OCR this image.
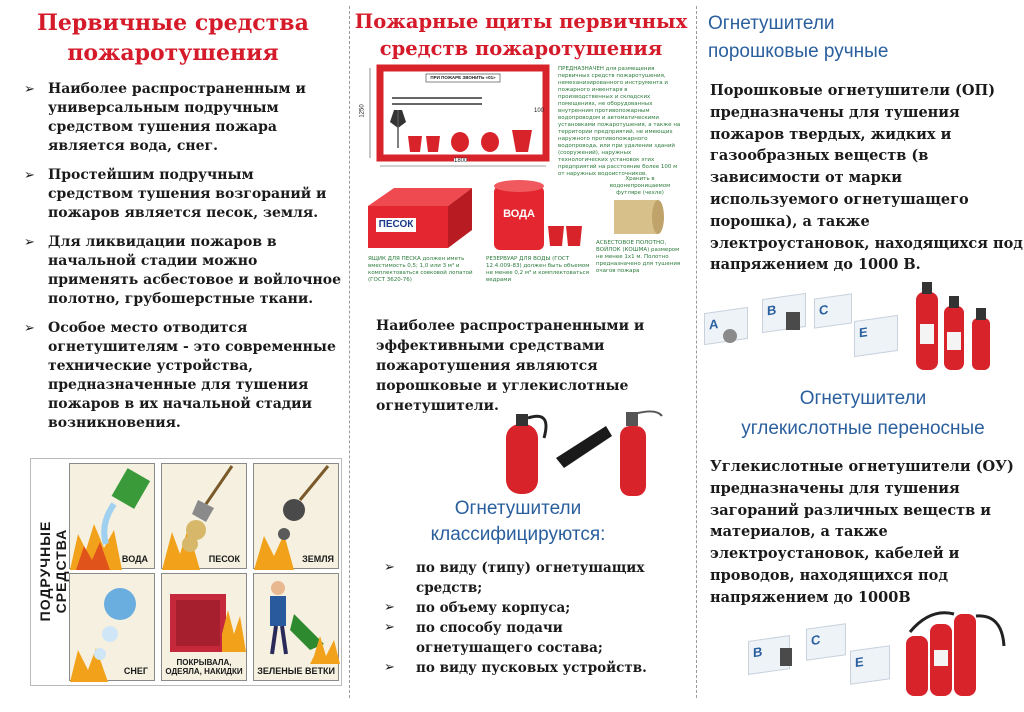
Первичные средства
пожаротушения
➢ Наиболее распространенным и
универсальным подручным
средством тушения пожара
является вода, снег.
➢ Простейшим подручным
средством тушения возгораний и
пожаров является песок, земля.
➢ Для ликвидации пожаров в
начальной стадии можно
применять асбестовое и войлочное
полотно, грубошерстные ткани.
➢ Особое место отводится
огнетушителям - это современные
технические устройства,
предназначенные для тушения
пожаров в их начальной стадии
возникновения.
ПОДРУЧНЫЕ СРЕДСТВА	ВОДА	ПЕСОК	ЗЕМЛЯ
СНЕГ
ПОКРЫВАЛА, ОДЕЯЛА, НАКИДКИ ЗЕЛЕНЫЕ ВЕТКИ
Пожарные щиты первичных
средств пожаротушения
ПРИ ПОЖАРЕ ЗВОНИТЬ «01»
1800
1250	100
ПРЕДНАЗНАЧЕН для размещения первичных средств пожаротушения, немеханизированного инструмента и пожарного инвентаря в производственных и складских помещениях, не оборудованных внутренним противопожарным водопроводом и автоматическими установками пожаротушения, а также на территории предприятий, не имеющих наружного противопожарного водопровода, или при удалении зданий (сооружений), наружных технологических установок этих предприятий на расстояние более 100 м от наружных водоисточников.
ПЕСОК
ЯЩИК ДЛЯ ПЕСКА должен иметь вместимость 0,5; 1,0 или 3 м³ и комплектоваться совковой лопатой (ГОСТ 3620-76)
ВОДА
РЕЗЕРВУАР ДЛЯ ВОДЫ (ГОСТ 12.4.009-83) должен быть объемом не менее 0,2 м³ и комплектоваться ведрами
Хранить в водонепроницаемом футляре (чехле)
АСБЕСТОВОЕ ПОЛОТНО, ВОЙЛОК (КОШМА) размером не менее 1х1 м. Полотно предназначено для тушения очагов пожара
Наиболее распространенными и
эффективными средствами
пожаротушения являются
порошковые и углекислотные
огнетушители.
Огнетушители
классифицируются:
➢ по виду (типу) огнетушащих
средств;
➢ по объему корпуса;
➢ по способу подачи
огнетушащего состава;
➢ по виду пусковых устройств.
Огнетушители
порошковые ручные
Порошковые огнетушители (ОП)
предназначены для тушения
пожаров твердых, жидких и
газообразных веществ (в
зависимости от марки
используемого огнетушащего
порошка), а также
электроустановок, находящихся под
напряжением до 1000 В.
A
B	C
E
Огнетушители
углекислотные переносные
Углекислотные огнетушители (ОУ)
предназначены для тушения
загораний различных веществ и
материалов, а также
электроустановок, кабелей и
проводов, находящихся под
напряжением до 1000В
B
C
E
